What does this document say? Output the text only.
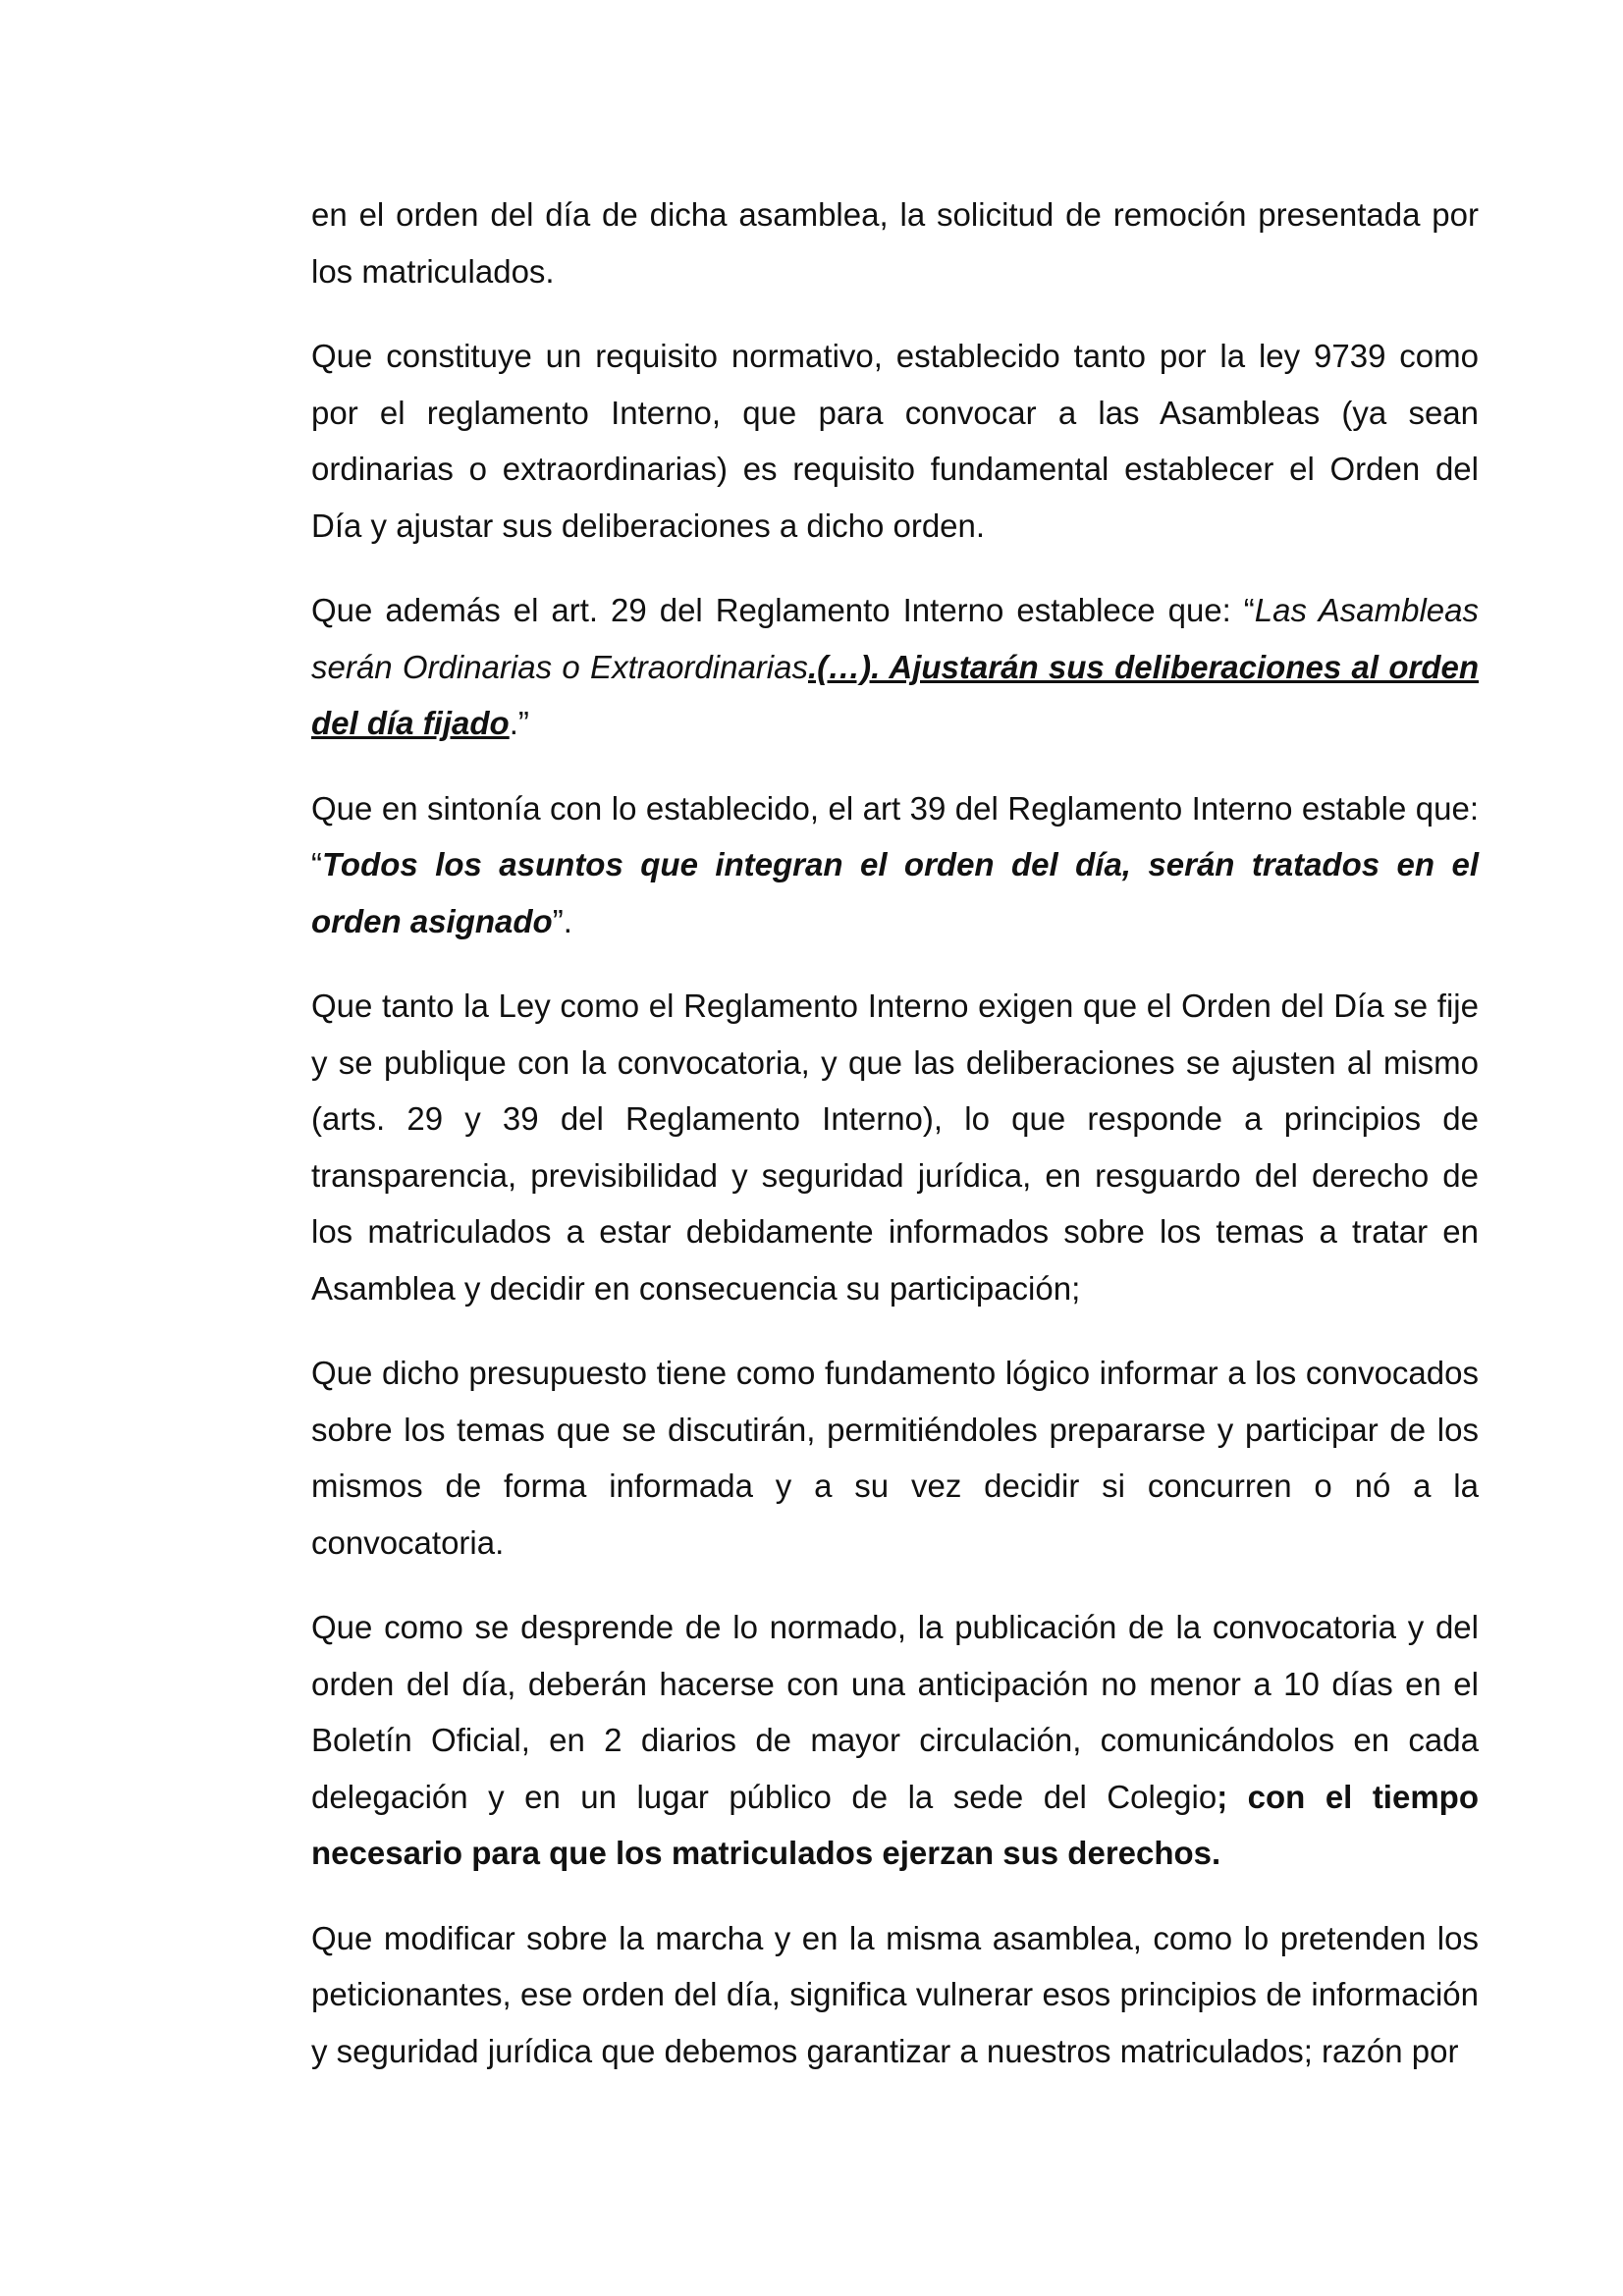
en el orden del día de dicha asamblea, la solicitud de remoción presentada por los matriculados.

Que constituye un requisito normativo, establecido tanto por la ley 9739 como por el reglamento Interno, que para convocar a las Asambleas (ya sean ordinarias o extraordinarias) es requisito fundamental establecer el Orden del Día y ajustar sus deliberaciones a dicho orden.

Que además el art. 29 del Reglamento Interno establece que: “Las Asambleas serán Ordinarias o Extraordinarias.(…). Ajustarán sus deliberaciones al orden del día fijado.”

Que en sintonía con lo establecido, el art 39 del Reglamento Interno estable que: “Todos los asuntos que integran el orden del día, serán tratados en el orden asignado”.

Que tanto la Ley como el Reglamento Interno exigen que el Orden del Día se fije y se publique con la convocatoria, y que las deliberaciones se ajusten al mismo (arts. 29 y 39 del Reglamento Interno), lo que responde a principios de transparencia, previsibilidad y seguridad jurídica, en resguardo del derecho de los matriculados a estar debidamente informados sobre los temas a tratar en Asamblea y decidir en consecuencia su participación;

Que dicho presupuesto tiene como fundamento lógico informar a los convocados sobre los temas que se discutirán, permitiéndoles prepararse y participar de los mismos de forma informada y a su vez decidir si concurren o nó a la convocatoria.

Que como se desprende de lo normado, la publicación de la convocatoria y del orden del día, deberán hacerse con una anticipación no menor a 10 días en el Boletín Oficial, en 2 diarios de mayor circulación, comunicándolos en cada delegación y en un lugar público de la sede del Colegio; con el tiempo necesario para que los matriculados ejerzan sus derechos.

Que modificar sobre la marcha y en la misma asamblea, como lo pretenden los peticionantes, ese orden del día, significa vulnerar esos principios de información y seguridad jurídica que debemos garantizar a nuestros matriculados; razón por
